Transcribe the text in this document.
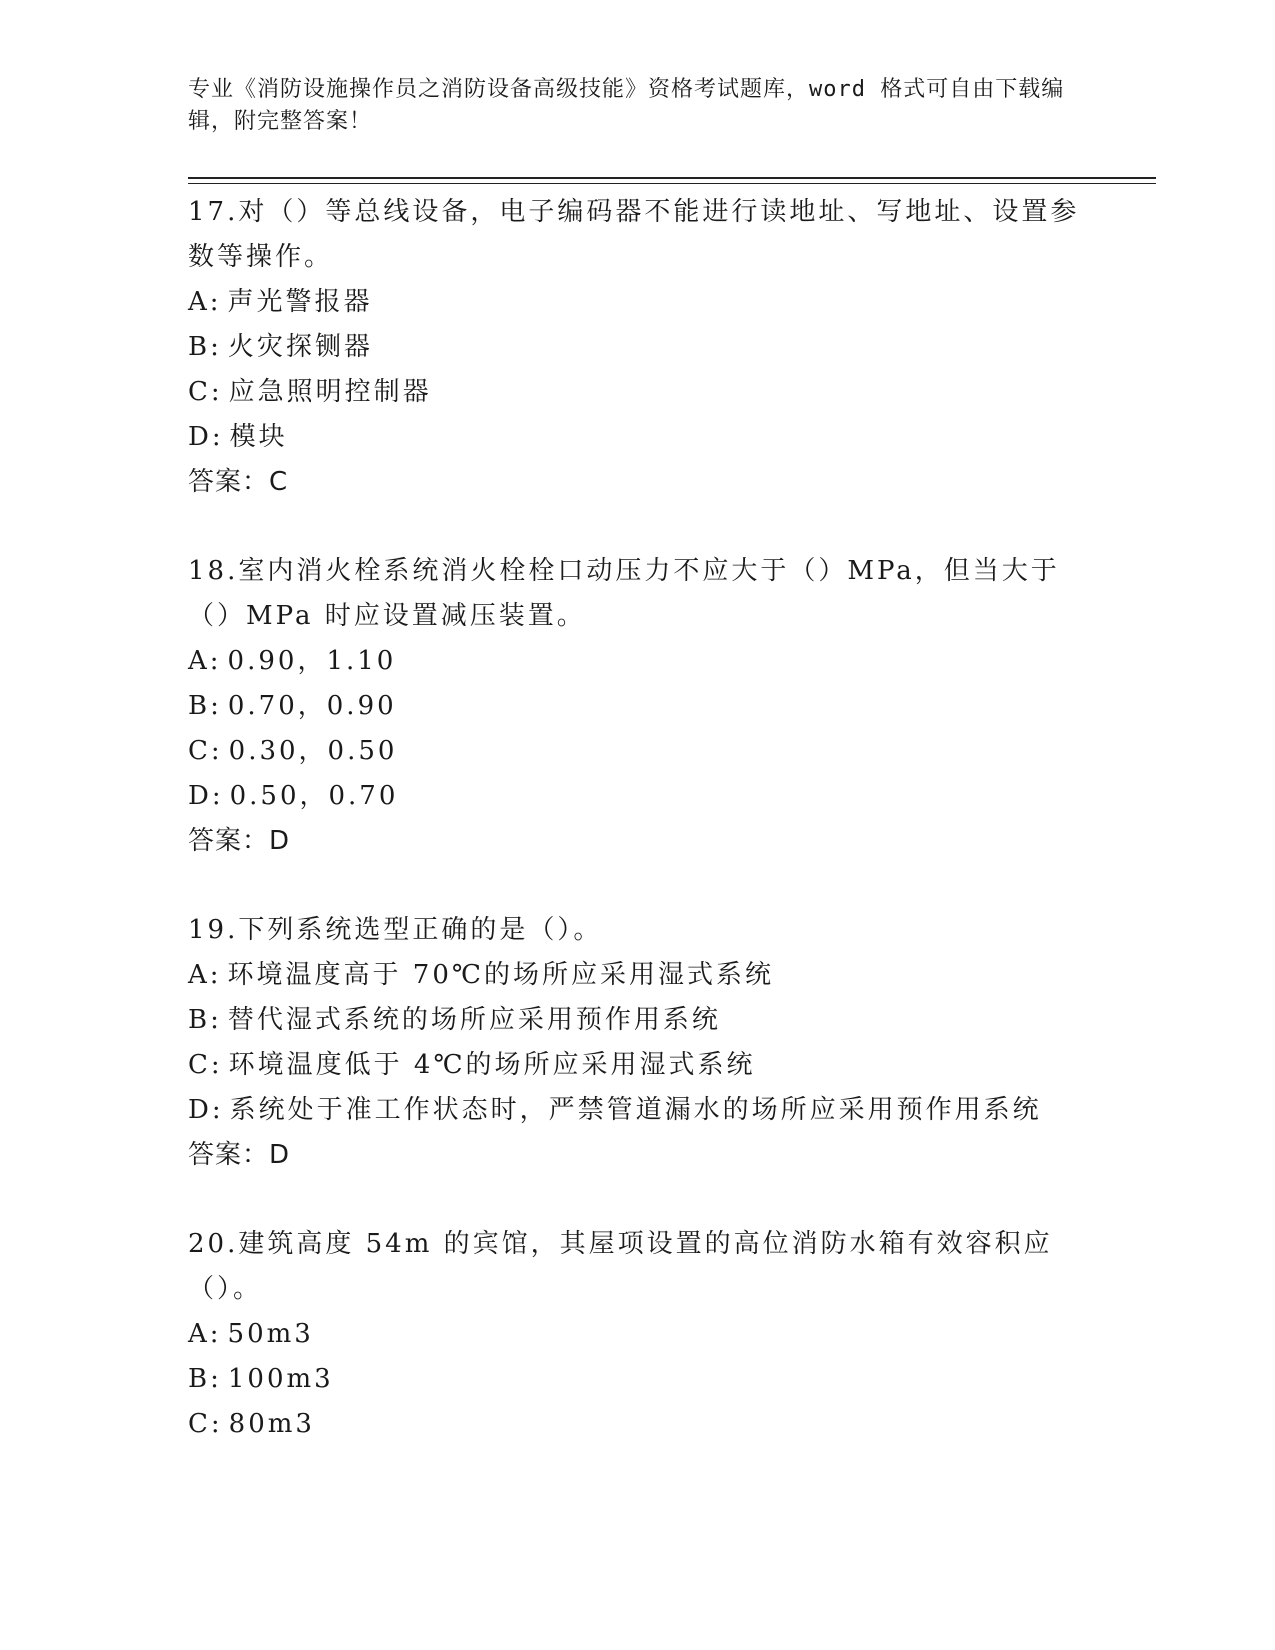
专业《消防设施操作员之消防设备高级技能》资格考试题库，word 格式可自由下载编辑，附完整答案！

17.对（）等总线设备，电子编码器不能进行读地址、写地址、设置参数等操作。

A: 声光警报器

B: 火灾探铡器

C: 应急照明控制器

D: 模块

答案：C

18.室内消火栓系统消火栓栓口动压力不应大于（）MPa，但当大于（）MPa 时应设置减压装置。

A: 0.90，1.10

B: 0.70，0.90

C: 0.30，0.50

D: 0.50，0.70

答案：D

19.下列系统选型正确的是（）。

A: 环境温度高于 70℃的场所应采用湿式系统

B: 替代湿式系统的场所应采用预作用系统

C: 环境温度低于 4℃的场所应采用湿式系统

D: 系统处于准工作状态时，严禁管道漏水的场所应采用预作用系统

答案：D

20.建筑高度 54m 的宾馆，其屋项设置的高位消防水箱有效容积应（）。

A: 50m3

B: 100m3

C: 80m3
